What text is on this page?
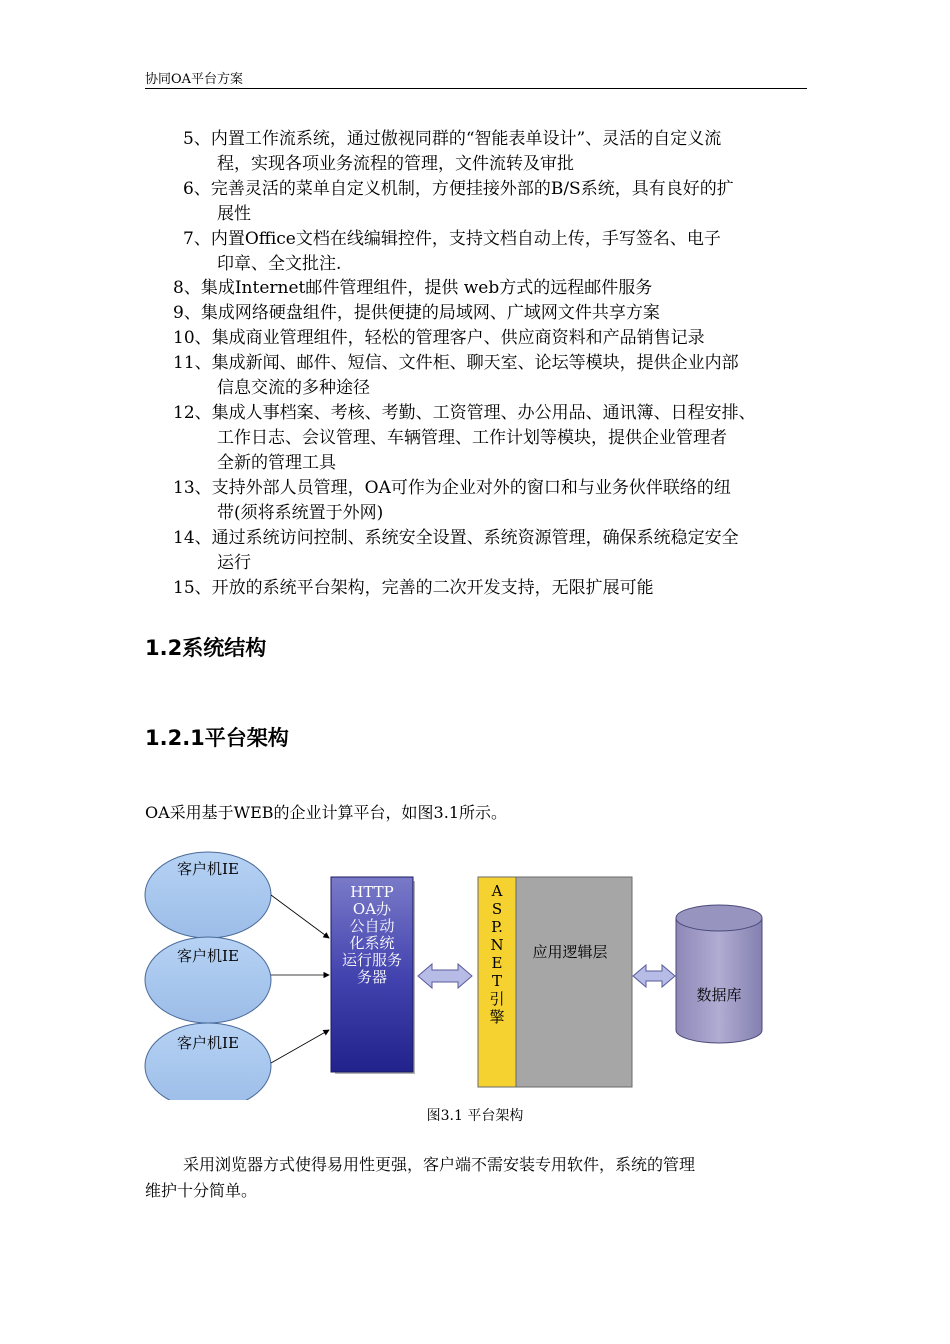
协同OA平台方案
5、内置工作流系统，通过傲视同群的“智能表单设计”、灵活的自定义流

程，实现各项业务流程的管理，文件流转及审批
6、完善灵活的菜单自定义机制，方便挂接外部的B/S系统，具有良好的扩

展性
7、内置Office文档在线编辑控件，支持文档自动上传，手写签名、电子

印章、全文批注.
8、集成Internet邮件管理组件，提供 web方式的远程邮件服务

9、集成网络硬盘组件，提供便捷的局域网、广域网文件共享方案

10、集成商业管理组件，轻松的管理客户、供应商资料和产品销售记录

11、集成新闻、邮件、短信、文件柜、聊天室、论坛等模块，提供企业内部

信息交流的多种途径
12、集成人事档案、考核、考勤、工资管理、办公用品、通讯簿、日程安排、

工作日志、会议管理、车辆管理、工作计划等模块，提供企业管理者
全新的管理工具
13、支持外部人员管理，OA可作为企业对外的窗口和与业务伙伴联络的纽

带(须将系统置于外网)
14、通过系统访问控制、系统安全设置、系统资源管理，确保系统稳定安全

运行
15、开放的系统平台架构，完善的二次开发支持，无限扩展可能

1.2系统结构
1.2.1平台架构
OA采用基于WEB的企业计算平台，如图3.1所示。
客户机IE
客户机IE
客户机IE
HTTP
OA办
公自动
化系统
运行服务
务器
A
S
P.
N
E
T
引
擎
应用逻辑层
数据库
图3.1 平台架构
采用浏览器方式使得易用性更强，客户端不需安装专用软件，系统的管理
维护十分简单。
